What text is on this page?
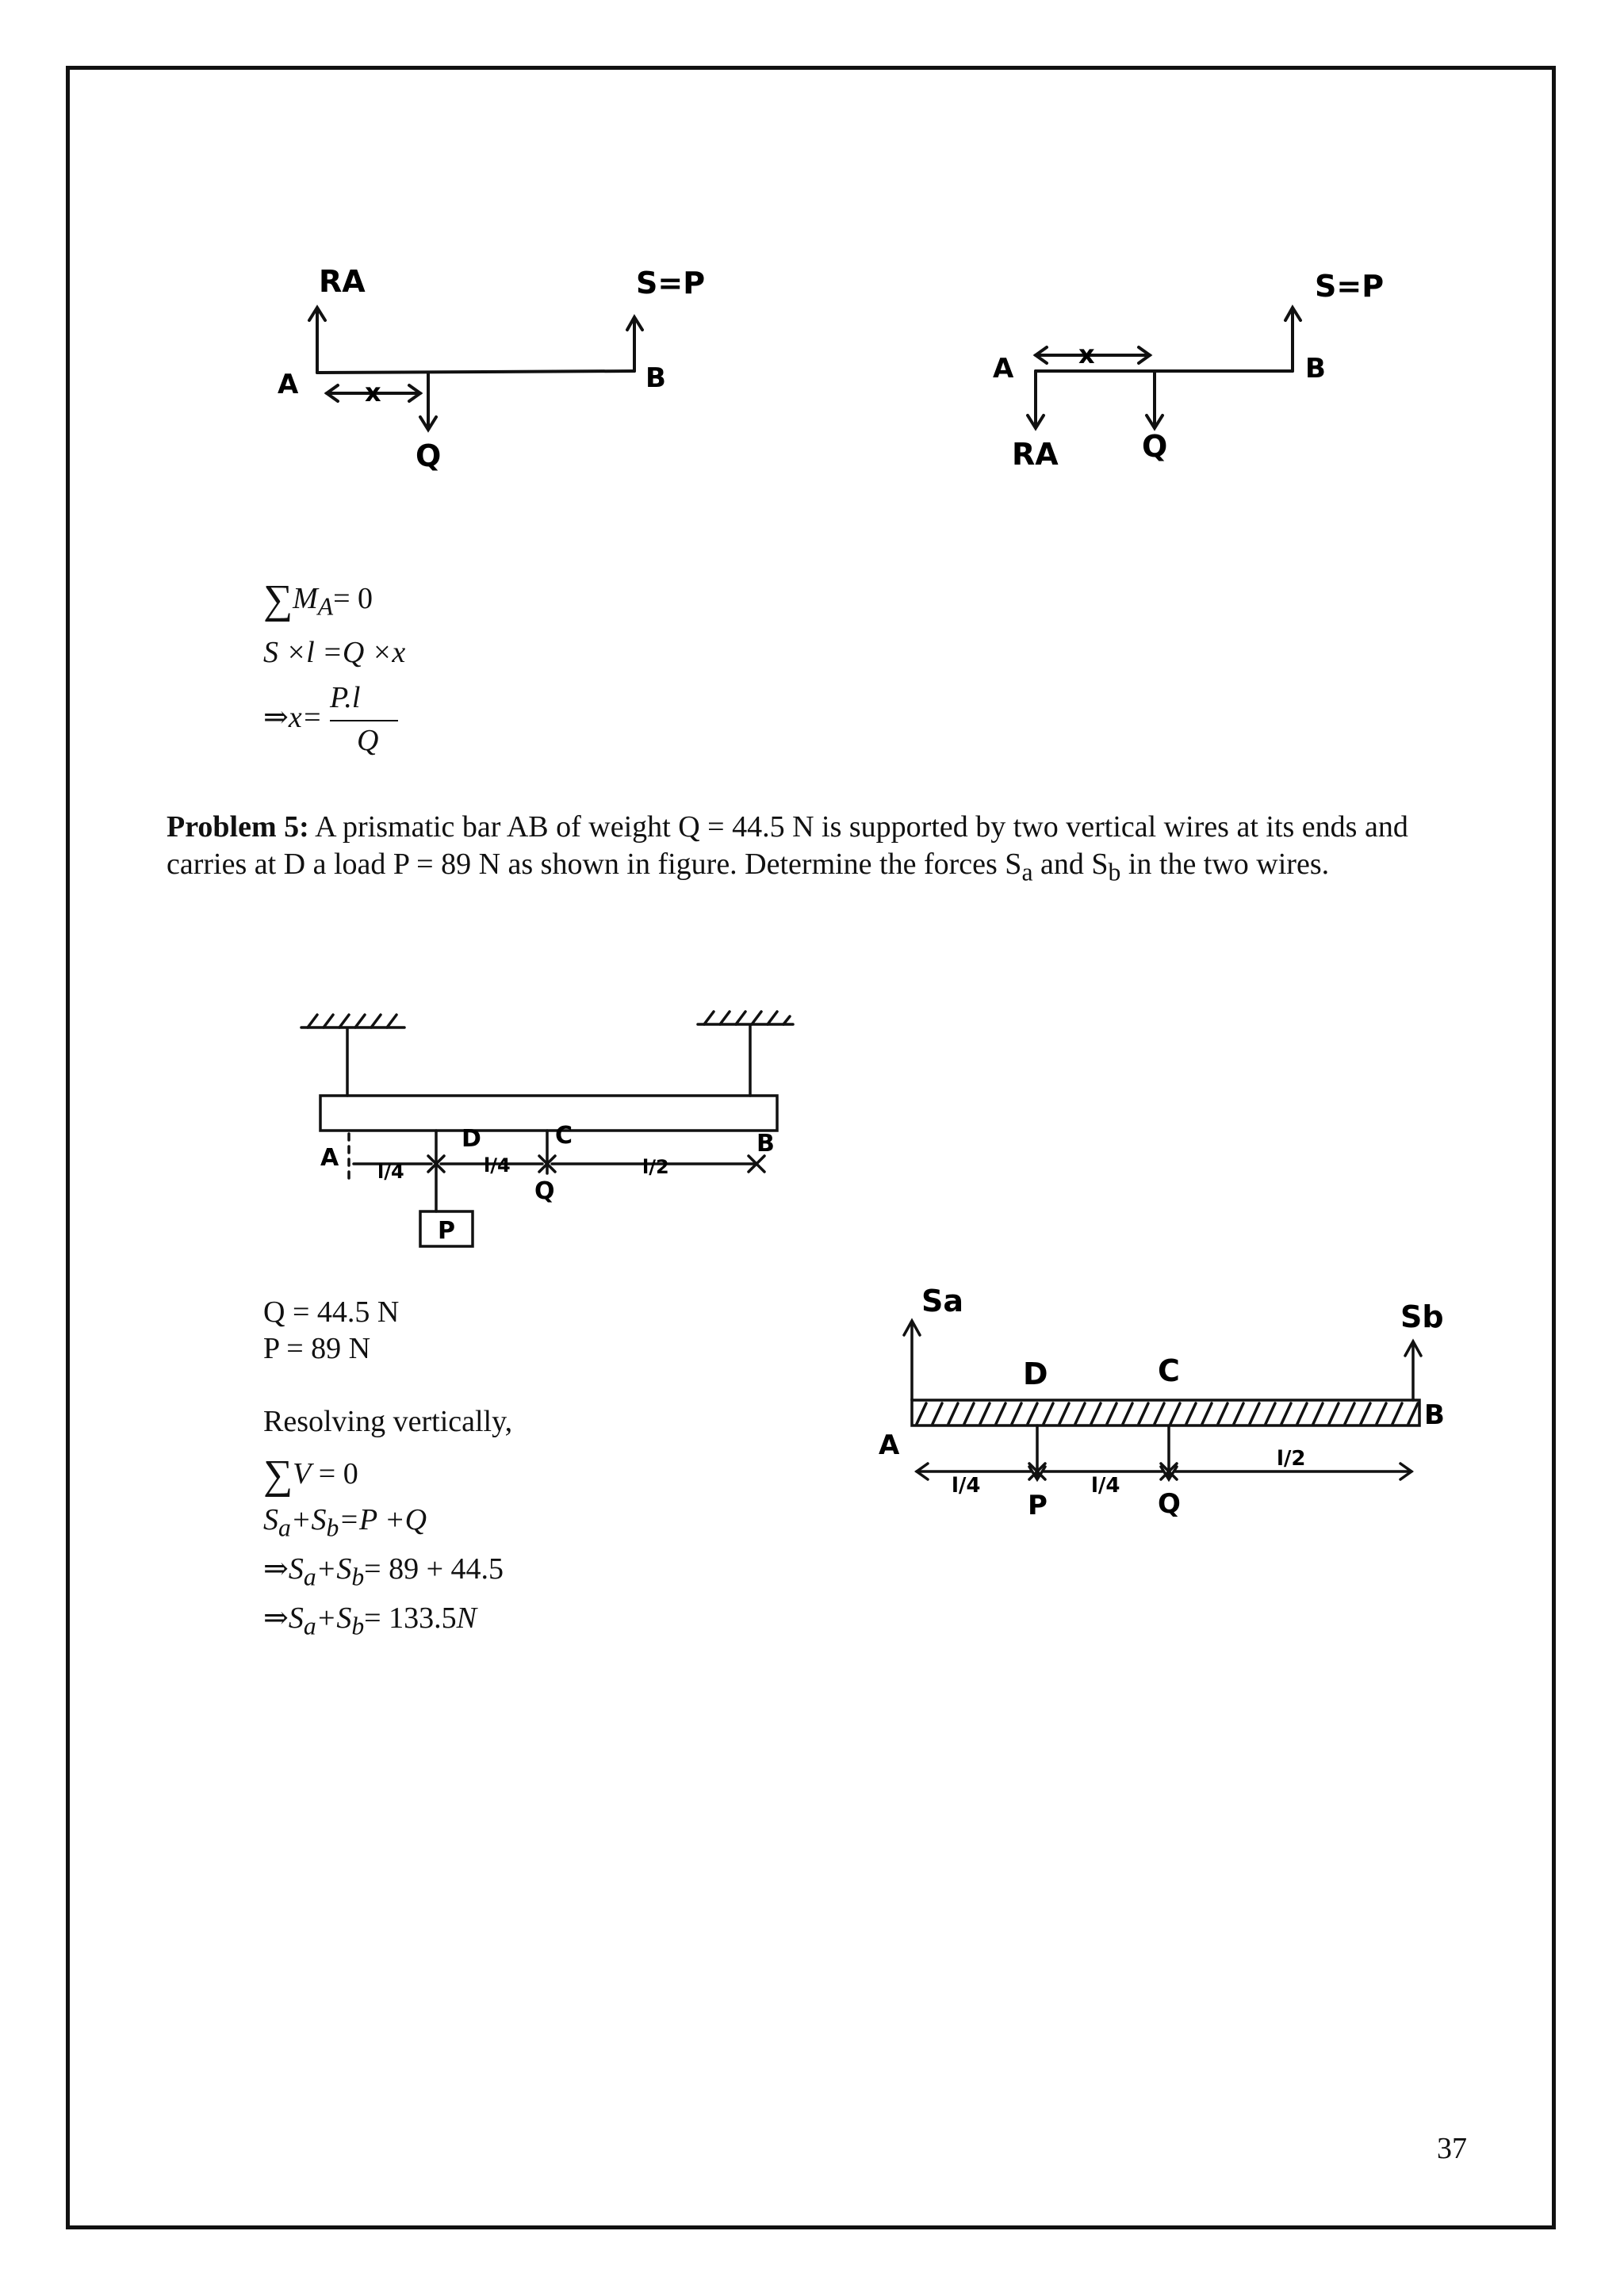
RA	S=P
A	B
x
Q
S=P
A	B
x
RA	Q
$\sum M_A= 0$
S ×l =Q ×x
⇒x=
P.l
Q
Problem 5: A prismatic bar AB of weight Q = 44.5 N is supported by two vertical wires at its ends and carries at D a load P = 89 N as shown in figure. Determine the forces $S_a$ and $S_b$ in the two wires.
A
D	C	B
l/4	l/4	l/2
Q
P
Q = 44.5 N
P = 89 N
Resolving vertically,
∑V = 0
$S_a+S_b=P +Q$
$\Rightarrow S_a+S_b= 89 + 44.5$
$\Rightarrow S_a+S_b= 133.5N$
Sa	Sb
A
B
D	C
l/4	l/4
l/2
P	Q
37
